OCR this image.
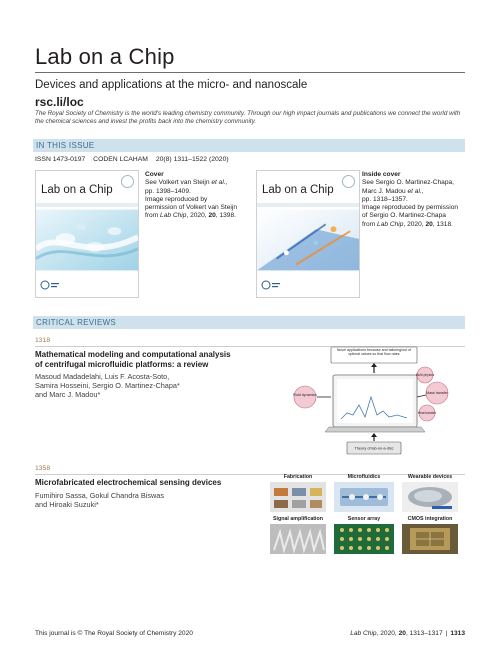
Lab on a Chip
Devices and applications at the micro- and nanoscale
rsc.li/loc
The Royal Society of Chemistry is the world's leading chemistry community. Through our high impact journals and publications we connect the world with the chemical sciences and invest the profits back into the chemistry community.
IN THIS ISSUE
ISSN 1473-0197 CODEN LCAHAM 20(8) 1311–1522 (2020)
Lab on a Chip
Cover
See Volkert van Steijn et al.,
pp. 1398–1409.
Image reproduced by
permission of Volkert van Steijn
from Lab Chip, 2020, 20, 1398.
Lab on a Chip
Inside cover
See Sergio O. Martinez-Chapa,
Marc J. Madou et al.,
pp. 1318–1357.
Image reproduced by permission
of Sergio O. Martinez-Chapa
from Lab Chip, 2020, 20, 1318.
CRITICAL REVIEWS
1318
Mathematical modeling and computational analysis
of centrifugal microfluidic platforms: a review
Masoud Madadelahi, Luis F. Acosta-Soto,
Samira Hosseini, Sergio O. Martinez-Chapa*
and Marc J. Madou*
Novel applications because and tailoring/out of optimal values so that flow rates
Fluid dynamics	Mass transfer
Multi-physics
Heat transfer
Theory of lab-on-a-disc
1358
Microfabricated electrochemical sensing devices
Fumihiro Sassa, Gokul Chandra Biswas
and Hiroaki Suzuki*
Fabrication	Microfluidics	Wearable devices
Signal amplification	Sensor array	CMOS integration
This journal is © The Royal Society of Chemistry 2020	Lab Chip, 2020, 20, 1313–1317 | 1313
